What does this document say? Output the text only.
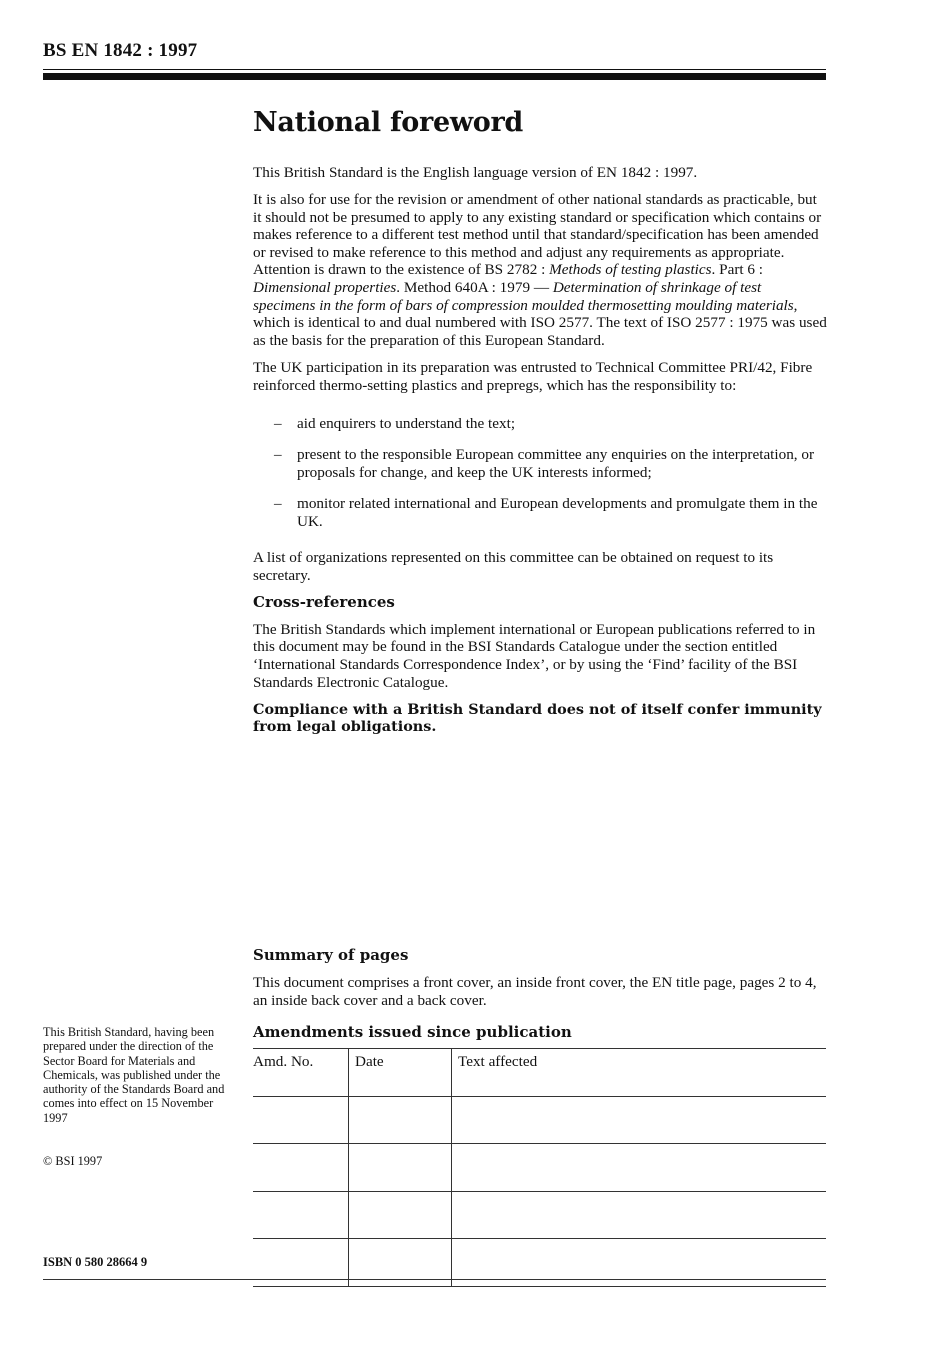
BS EN 1842 : 1997
National foreword

This British Standard is the English language version of EN 1842 : 1997.

It is also for use for the revision or amendment of other national standards as practicable, but it should not be presumed to apply to any existing standard or specification which contains or makes reference to a different test method until that standard/specification has been amended or revised to make reference to this method and adjust any requirements as appropriate. Attention is drawn to the existence of BS 2782 : Methods of testing plastics. Part 6 : Dimensional properties. Method 640A : 1979 — Determination of shrinkage of test specimens in the form of bars of compression moulded thermosetting moulding materials, which is identical to and dual numbered with ISO 2577. The text of ISO 2577 : 1975 was used as the basis for the preparation of this European Standard.

The UK participation in its preparation was entrusted to Technical Committee PRI/42, Fibre reinforced thermo-setting plastics and prepregs, which has the responsibility to:

– aid enquirers to understand the text;
– present to the responsible European committee any enquiries on the interpretation, or proposals for change, and keep the UK interests informed;
– monitor related international and European developments and promulgate them in the UK.

A list of organizations represented on this committee can be obtained on request to its secretary.

Cross-references

The British Standards which implement international or European publications referred to in this document may be found in the BSI Standards Catalogue under the section entitled ‘International Standards Correspondence Index’, or by using the ‘Find’ facility of the BSI Standards Electronic Catalogue.

Compliance with a British Standard does not of itself confer immunity from legal obligations.

Summary of pages

This document comprises a front cover, an inside front cover, the EN title page, pages 2 to 4, an inside back cover and a back cover.

Amendments issued since publication
Amd. No.	Date	Text affected

This British Standard, having been prepared under the direction of the Sector Board for Materials and Chemicals, was published under the authority of the Standards Board and comes into effect on 15 November 1997

© BSI 1997
ISBN 0 580 28664 9
